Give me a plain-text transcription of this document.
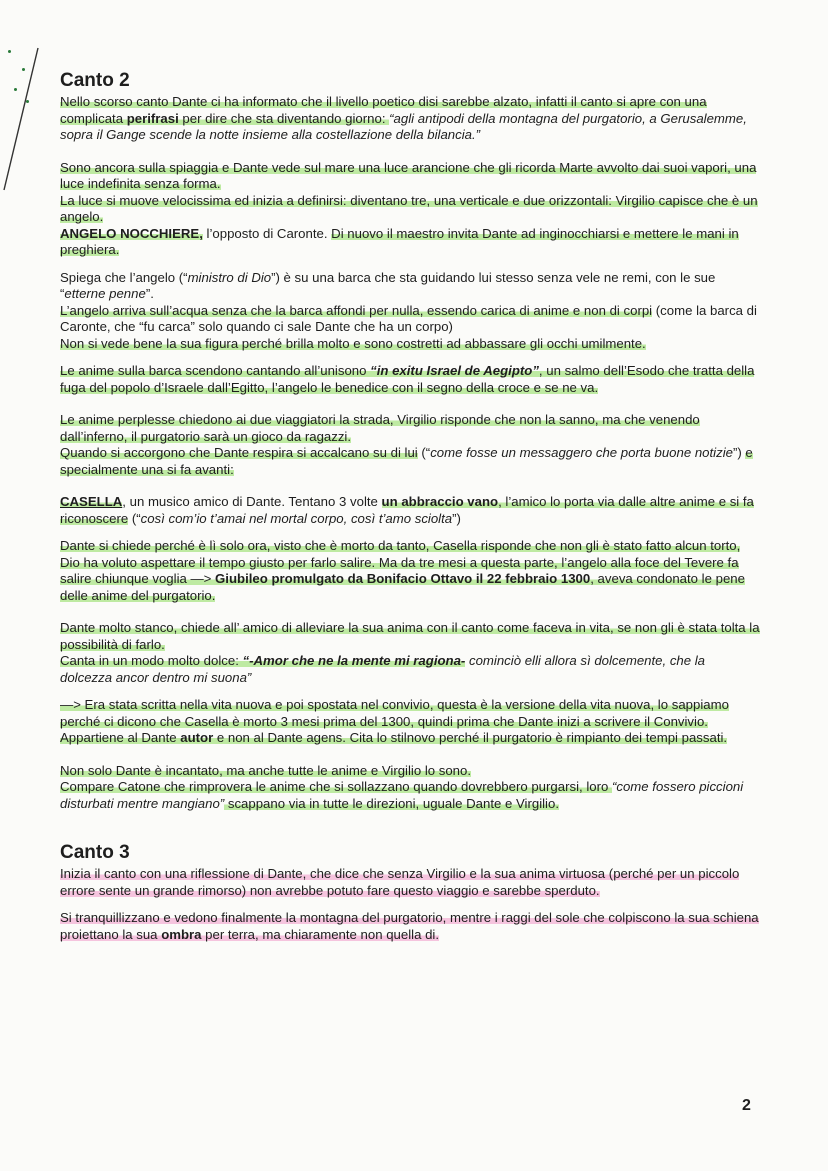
Canto 2

Nello scorso canto Dante ci ha informato che il livello poetico disi sarebbe alzato, infatti il canto si apre con una complicata perifrasi per dire che sta diventando giorno: “agli antipodi della montagna del purgatorio, a Gerusalemme, sopra il Gange scende la notte insieme alla costellazione della bilancia.”

Sono ancora sulla spiaggia e Dante vede sul mare una luce arancione che gli ricorda Marte avvolto dai suoi vapori, una luce indefinita senza forma.
La luce si muove velocissima ed inizia a definirsi: diventano tre, una verticale e due orizzontali: Virgilio capisce che è un angelo.
ANGELO NOCCHIERE, l’opposto di Caronte. Di nuovo il maestro invita Dante ad inginocchiarsi e mettere le mani in preghiera.

Spiega che l’angelo (“ministro di Dio”) è su una barca che sta guidando lui stesso senza vele ne remi, con le sue “etterne penne”.
L’angelo arriva sull’acqua senza che la barca affondi per nulla, essendo carica di anime e non di corpi (come la barca di Caronte, che “fu carca” solo quando ci sale Dante che ha un corpo)
Non si vede bene la sua figura perché brilla molto e sono costretti ad abbassare gli occhi umilmente.

Le anime sulla barca scendono cantando all’unisono “in exitu Israel de Aegipto”, un salmo dell’Esodo che tratta della fuga del popolo d’Israele dall’Egitto, l’angelo le benedice con il segno della croce e se ne va.

Le anime perplesse chiedono ai due viaggiatori la strada, Virgilio risponde che non la sanno, ma che venendo dall’inferno, il purgatorio sarà un gioco da ragazzi.
Quando si accorgono che Dante respira si accalcano su di lui (“come fosse un messaggero che porta buone notizie”) e specialmente una si fa avanti:

CASELLA, un musico amico di Dante. Tentano 3 volte un abbraccio vano, l’amico lo porta via dalle altre anime e si fa riconoscere (“così com’io t’amai nel mortal corpo, così t’amo sciolta”)

Dante si chiede perché è lì solo ora, visto che è morto da tanto, Casella risponde che non gli è stato fatto alcun torto, Dio ha voluto aspettare il tempo giusto per farlo salire. Ma da tre mesi a questa parte, l’angelo alla foce del Tevere fa salire chiunque voglia —> Giubileo promulgato da Bonifacio Ottavo il 22 febbraio 1300, aveva condonato le pene delle anime del purgatorio.

Dante molto stanco, chiede all’ amico di alleviare la sua anima con il canto come faceva in vita, se non gli è stata tolta la possibilità di farlo.
Canta in un modo molto dolce: “-Amor che ne la mente mi ragiona- cominciò elli allora sì dolcemente, che la dolcezza ancor dentro mi suona”

—> Era stata scritta nella vita nuova e poi spostata nel convivio, questa è la versione della vita nuova, lo sappiamo perché ci dicono che Casella è morto 3 mesi prima del 1300, quindi prima che Dante inizi a scrivere il Convivio.
Appartiene al Dante autor e non al Dante agens. Cita lo stilnovo perché il purgatorio è rimpianto dei tempi passati.

Non solo Dante è incantato, ma anche tutte le anime e Virgilio lo sono.
Compare Catone che rimprovera le anime che si sollazzano quando dovrebbero purgarsi, loro “come fossero piccioni disturbati mentre mangiano” scappano via in tutte le direzioni, uguale Dante e Virgilio.

Canto 3

Inizia il canto con una riflessione di Dante, che dice che senza Virgilio e la sua anima virtuosa (perché per un piccolo errore sente un grande rimorso) non avrebbe potuto fare questo viaggio e sarebbe sperduto.

Si tranquillizzano e vedono finalmente la montagna del purgatorio, mentre i raggi del sole che colpiscono la sua schiena proiettano la sua ombra per terra, ma chiaramente non quella di.

2
